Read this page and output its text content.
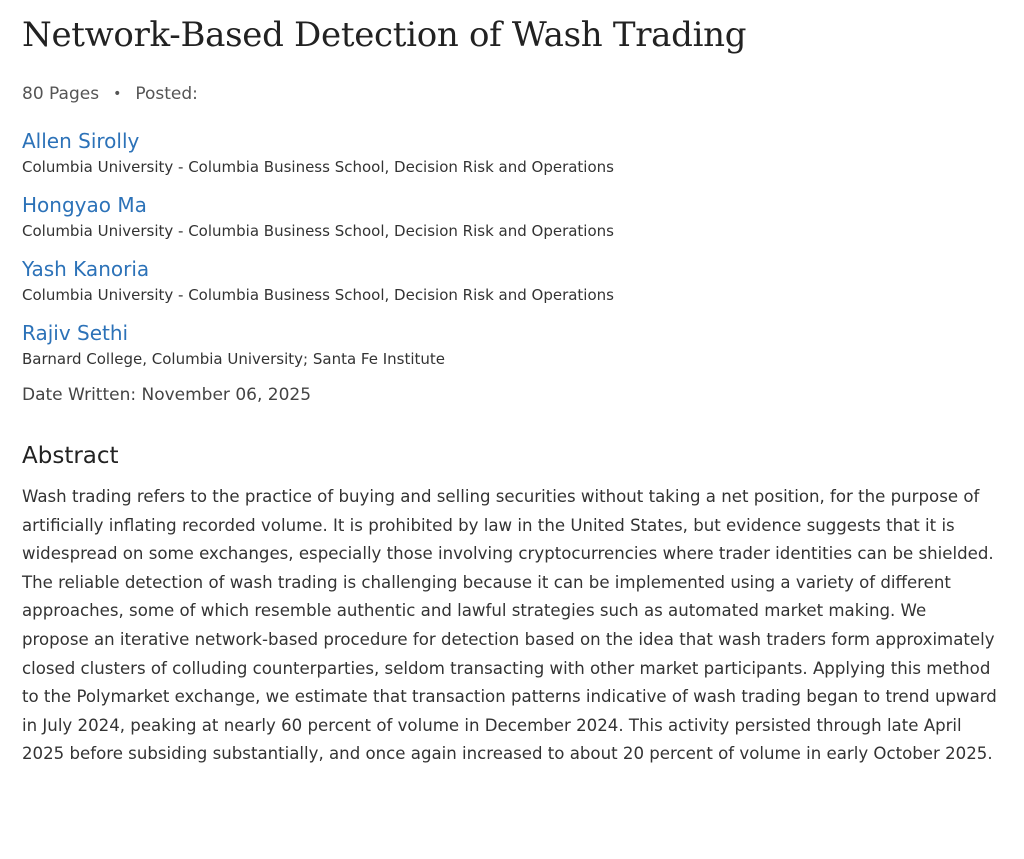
Network-Based Detection of Wash Trading
80 Pages • Posted:
Allen Sirolly
Columbia University - Columbia Business School, Decision Risk and Operations
Hongyao Ma
Columbia University - Columbia Business School, Decision Risk and Operations
Yash Kanoria
Columbia University - Columbia Business School, Decision Risk and Operations
Rajiv Sethi
Barnard College, Columbia University; Santa Fe Institute
Date Written: November 06, 2025
Abstract

Wash trading refers to the practice of buying and selling securities without taking a net position, for the purpose of artificially inflating recorded volume. It is prohibited by law in the United States, but evidence suggests that it is widespread on some exchanges, especially those involving cryptocurrencies where trader identities can be shielded. The reliable detection of wash trading is challenging because it can be implemented using a variety of different approaches, some of which resemble authentic and lawful strategies such as automated market making. We propose an iterative network-based procedure for detection based on the idea that wash traders form approximately closed clusters of colluding counterparties, seldom transacting with other market participants. Applying this method to the Polymarket exchange, we estimate that transaction patterns indicative of wash trading began to trend upward in July 2024, peaking at nearly 60 percent of volume in December 2024. This activity persisted through late April 2025 before subsiding substantially, and once again increased to about 20 percent of volume in early October 2025.
